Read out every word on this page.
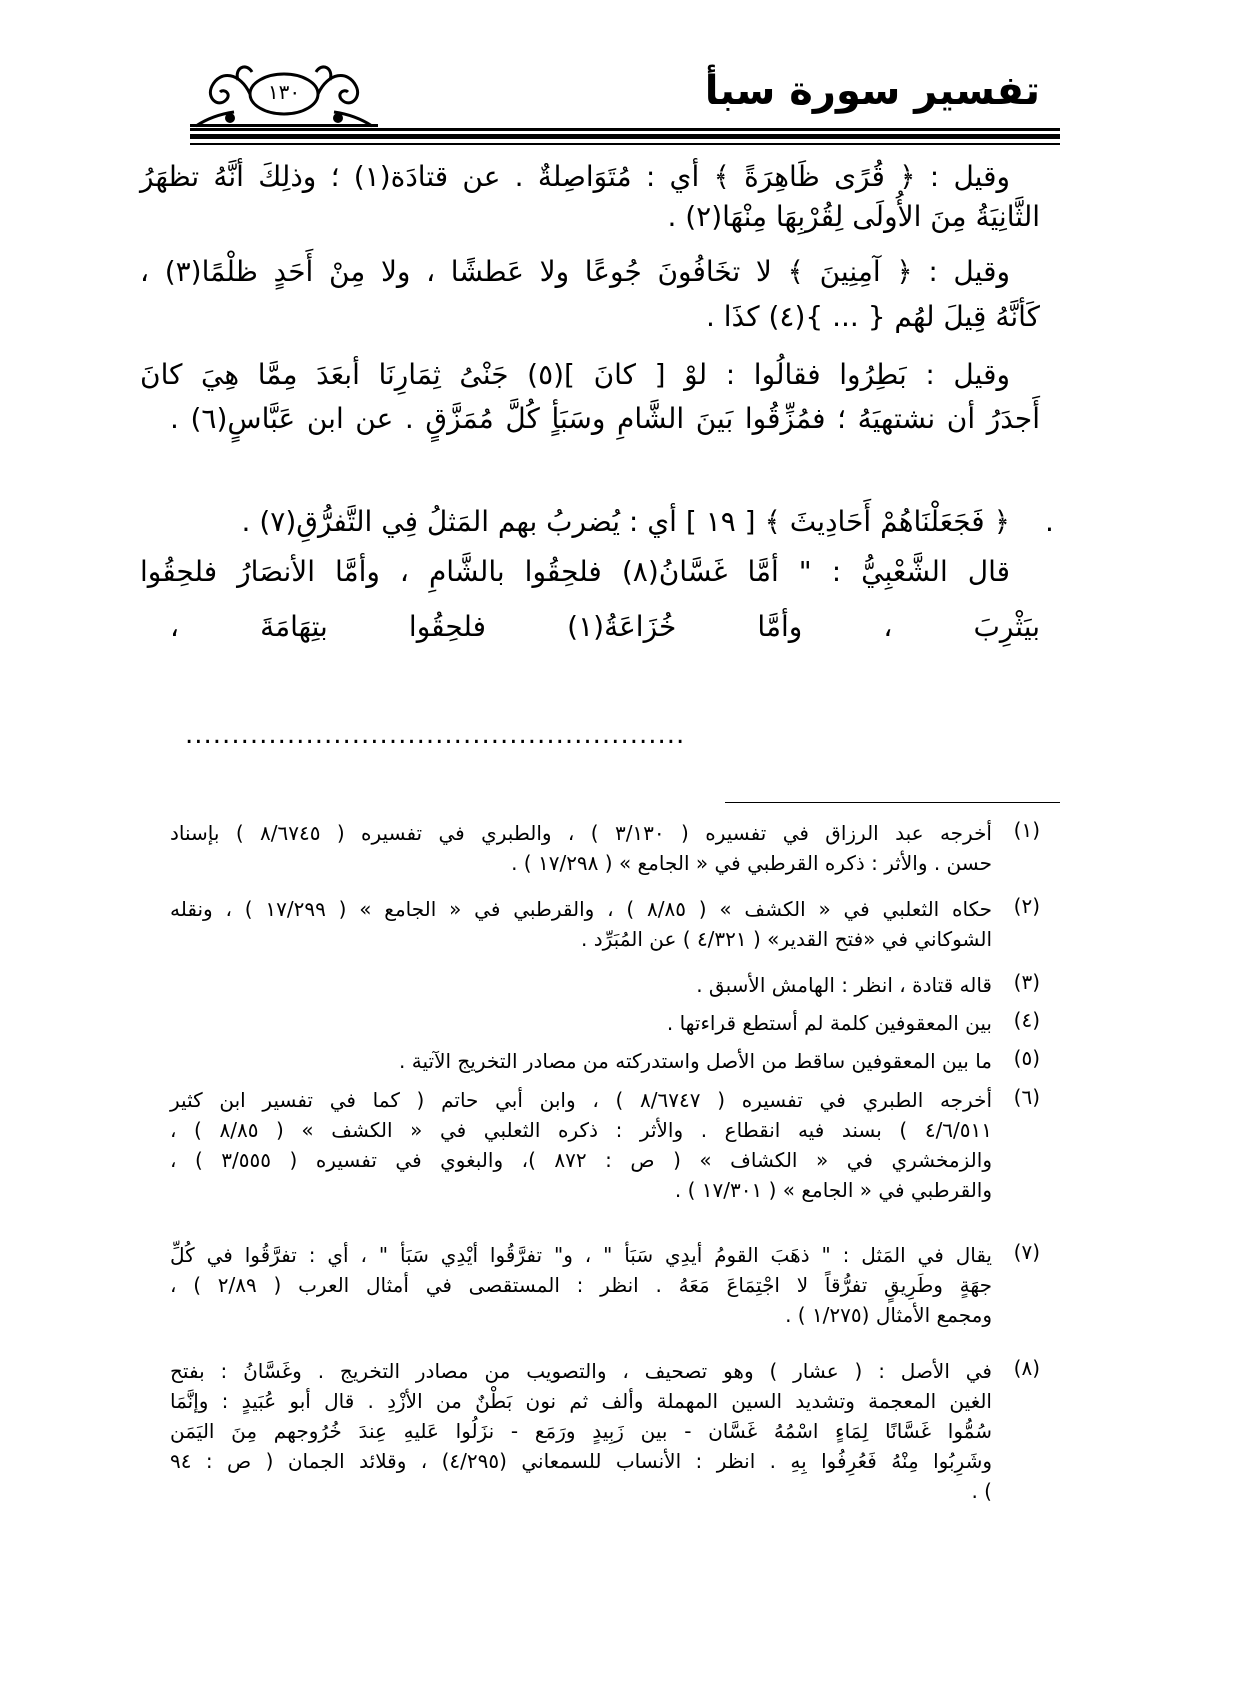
تفسير سورة سبأ
١٣٠
وقيل : ﴿ قُرًى ظَاهِرَةً ﴾ أي : مُتَوَاصِلةٌ . عن قتادَة(١) ؛ وذلِكَ أنَّهُ تظهَرُ
الثَّانِيَةُ مِنَ الأُولَى لِقُرْبِهَا مِنْهَا(٢) .
وقيل : ﴿ آمِنِينَ ﴾ لا تخَافُونَ جُوعًا ولا عَطشًا ، ولا مِنْ أَحَدٍ ظلْمًا(٣) ،
كَأنَّهُ قِيلَ لهُم { ... }(٤) كذَا .
وقيل : بَطِرُوا فقالُوا : لوْ [ كانَ ](٥) جَنْىُ ثِمَارِنَا أبعَدَ مِمَّا هِيَ كانَ
أَجدَرُ أن نشتهيَهُ ؛ فمُزِّقُوا بَينَ الشَّامِ وسَبَأٍ كُلَّ مُمَزَّقٍ . عن ابن عَبَّاسٍ(٦) .
.
﴿ فَجَعَلْنَاهُمْ أَحَادِيثَ ﴾ [ ١٩ ] أي : يُضربُ بهم المَثلُ فِي التَّفرُّقِ(٧) .
قال الشَّعْبِيُّ : " أمَّا غَسَّانُ(٨) فلحِقُوا بالشَّامِ ، وأمَّا الأنصَارُ فلحِقُوا
بيَثْرِبَ ، وأمَّا خُزَاعَةُ(١) فلحِقُوا بتِهَامَةَ ،
......................................................
(١)
أخرجه عبد الرزاق في تفسيره ( ٣/١٣٠ ) ، والطبري في تفسيره ( ٨/٦٧٤٥ ) بإسناد
حسن . والأثر : ذكره القرطبي في « الجامع » ( ١٧/٢٩٨ ) .
(٢)
حكاه الثعلبي في « الكشف » ( ٨/٨٥ ) ، والقرطبي في « الجامع » ( ١٧/٢٩٩ ) ، ونقله
الشوكاني في «فتح القدير» ( ٤/٣٢١ ) عن المُبَرِّد .
(٣)
قاله قتادة ، انظر : الهامش الأسبق .
(٤)
بين المعقوفين كلمة لم أستطع قراءتها .
(٥)
ما بين المعقوفين ساقط من الأصل واستدركته من مصادر التخريج الآتية .
(٦)
أخرجه الطبري في تفسيره ( ٨/٦٧٤٧ ) ، وابن أبي حاتم ( كما في تفسير ابن كثير
٤/٦/٥١١ ) بسند فيه انقطاع . والأثر : ذكره الثعلبي في « الكشف » ( ٨/٨٥ ) ،
والزمخشري في « الكشاف » ( ص : ٨٧٢ )، والبغوي في تفسيره ( ٣/٥٥٥ ) ،
والقرطبي في « الجامع » ( ١٧/٣٠١ ) .
(٧)
يقال في المَثل : " ذهَبَ القومُ أيدِي سَبَأ " ، و" تفرَّقُوا أيْدِي سَبَأ " ، أي : تفرَّقُوا في كُلِّ
جهَةٍ وطَرِيقٍ تفرُّقاً لا اجْتِمَاعَ مَعَهُ . انظر : المستقصى في أمثال العرب ( ٢/٨٩ ) ،
ومجمع الأمثال (١/٢٧٥ ) .
(٨)
في الأصل : ( عشار ) وهو تصحيف ، والتصويب من مصادر التخريج . وغَسَّانُ : بفتح
الغين المعجمة وتشديد السين المهملة وألف ثم نون بَطْنٌ من الأزْدِ . قال أبو عُبَيدٍ : وإنَّمَا
سُمُّوا غَسَّانًا لِمَاءٍ اسْمُهُ غَسَّان - بين زَبِيدٍ ورَمَع - نزَلُوا عَليهِ عِندَ خُرُوجهم مِنَ اليَمَن
وشَرِبُوا مِنْهُ فَعُرِفُوا بِهِ . انظر : الأنساب للسمعاني (٤/٢٩٥) ، وقلائد الجمان ( ص : ٩٤
) .
